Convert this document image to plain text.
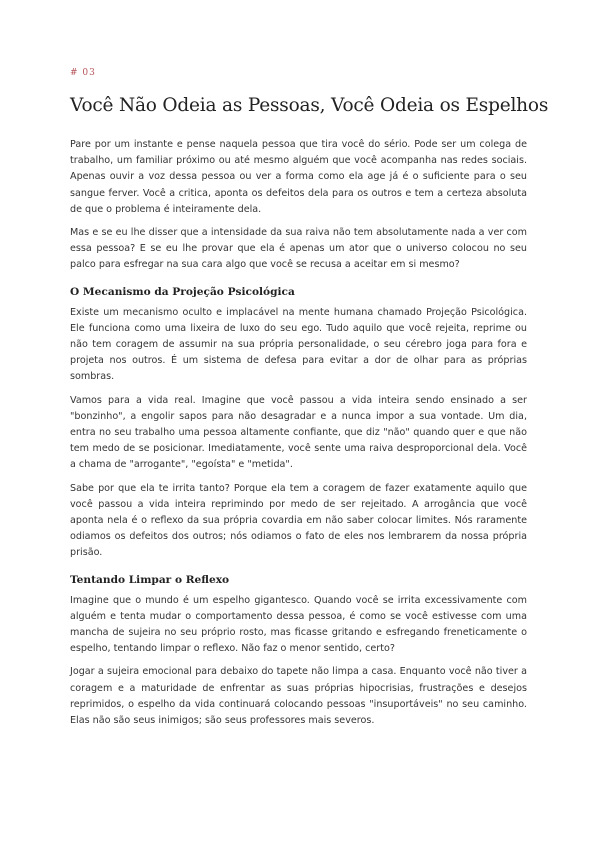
# 03
Você Não Odeia as Pessoas, Você Odeia os Espelhos

Pare por um instante e pense naquela pessoa que tira você do sério. Pode ser um colega de trabalho, um familiar próximo ou até mesmo alguém que você acompanha nas redes sociais. Apenas ouvir a voz dessa pessoa ou ver a forma como ela age já é o suficiente para o seu sangue ferver. Você a critica, aponta os defeitos dela para os outros e tem a certeza absoluta de que o problema é inteiramente dela.

Mas e se eu lhe disser que a intensidade da sua raiva não tem absolutamente nada a ver com essa pessoa? E se eu lhe provar que ela é apenas um ator que o universo colocou no seu palco para esfregar na sua cara algo que você se recusa a aceitar em si mesmo?

O Mecanismo da Projeção Psicológica

Existe um mecanismo oculto e implacável na mente humana chamado Projeção Psicológica. Ele funciona como uma lixeira de luxo do seu ego. Tudo aquilo que você rejeita, reprime ou não tem coragem de assumir na sua própria personalidade, o seu cérebro joga para fora e projeta nos outros. É um sistema de defesa para evitar a dor de olhar para as próprias sombras.

Vamos para a vida real. Imagine que você passou a vida inteira sendo ensinado a ser "bonzinho", a engolir sapos para não desagradar e a nunca impor a sua vontade. Um dia, entra no seu trabalho uma pessoa altamente confiante, que diz "não" quando quer e que não tem medo de se posicionar. Imediatamente, você sente uma raiva desproporcional dela. Você a chama de "arrogante", "egoísta" e "metida".

Sabe por que ela te irrita tanto? Porque ela tem a coragem de fazer exatamente aquilo que você passou a vida inteira reprimindo por medo de ser rejeitado. A arrogância que você aponta nela é o reflexo da sua própria covardia em não saber colocar limites. Nós raramente odiamos os defeitos dos outros; nós odiamos o fato de eles nos lembrarem da nossa própria prisão.

Tentando Limpar o Reflexo

Imagine que o mundo é um espelho gigantesco. Quando você se irrita excessivamente com alguém e tenta mudar o comportamento dessa pessoa, é como se você estivesse com uma mancha de sujeira no seu próprio rosto, mas ficasse gritando e esfregando freneticamente o espelho, tentando limpar o reflexo. Não faz o menor sentido, certo?

Jogar a sujeira emocional para debaixo do tapete não limpa a casa. Enquanto você não tiver a coragem e a maturidade de enfrentar as suas próprias hipocrisias, frustrações e desejos reprimidos, o espelho da vida continuará colocando pessoas "insuportáveis" no seu caminho. Elas não são seus inimigos; são seus professores mais severos.
